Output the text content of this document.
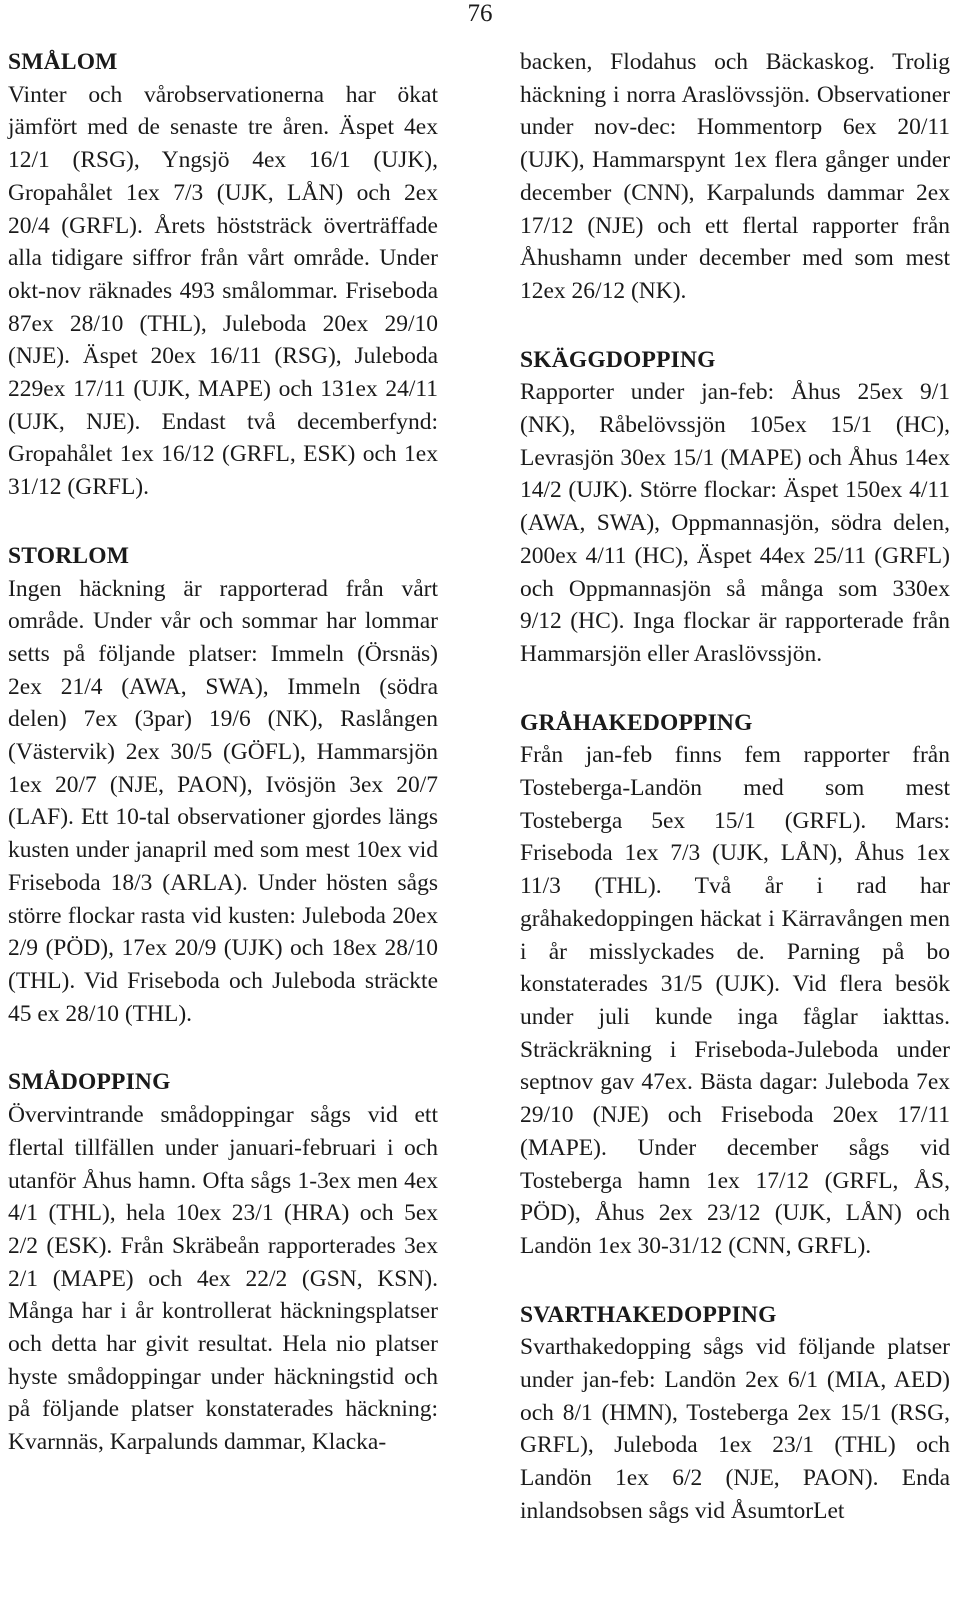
76
SMÅLOM

Vinter och vårobservationerna har ökat jämfört med de senaste tre åren. Äspet 4ex 12/1 (RSG), Yngsjö 4ex 16/1 (UJK), Gropahålet 1ex 7/3 (UJK, LÅN) och 2ex 20/4 (GRFL). Årets höststräck överträffade alla tidigare siffror från vårt område. Under okt-nov räknades 493 smålommar. Friseboda 87ex 28/10 (THL), Juleboda 20ex 29/10 (NJE). Äspet 20ex 16/11 (RSG), Juleboda 229ex 17/11 (UJK, MAPE) och 131ex 24/11 (UJK, NJE). Endast två decemberfynd: Gropahålet 1ex 16/12 (GRFL, ESK) och 1ex 31/12 (GRFL).

STORLOM

Ingen häckning är rapporterad från vårt område. Under vår och sommar har lommar setts på följande platser: Immeln (Örsnäs) 2ex 21/4 (AWA, SWA), Immeln (södra delen) 7ex (3par) 19/6 (NK), Raslången (Västervik) 2ex 30/5 (GÖFL), Hammarsjön 1ex 20/7 (NJE, PAON), Ivösjön 3ex 20/7 (LAF). Ett 10-tal observationer gjordes längs kusten under janapril med som mest 10ex vid Friseboda 18/3 (ARLA). Under hösten sågs större flockar rasta vid kusten: Juleboda 20ex 2/9 (PÖD), 17ex 20/9 (UJK) och 18ex 28/10 (THL). Vid Friseboda och Juleboda sträckte 45 ex 28/10 (THL).

SMÅDOPPING

Övervintrande smådoppingar sågs vid ett flertal tillfällen under januari-februari i och utanför Åhus hamn. Ofta sågs 1-3ex men 4ex 4/1 (THL), hela 10ex 23/1 (HRA) och 5ex 2/2 (ESK). Från Skräbeån rapporterades 3ex 2/1 (MAPE) och 4ex 22/2 (GSN, KSN). Många har i år kontrollerat häckningsplatser och detta har givit resultat. Hela nio platser hyste smådoppingar under häckningstid och på följande platser konstaterades häckning: Kvarnnäs, Karpalunds dammar, Klacka-

backen, Flodahus och Bäckaskog. Trolig häckning i norra Araslövssjön. Observationer under nov-dec: Hommentorp 6ex 20/11 (UJK), Hammarspynt 1ex flera gånger under december (CNN), Karpalunds dammar 2ex 17/12 (NJE) och ett flertal rapporter från Åhushamn under december med som mest 12ex 26/12 (NK).

SKÄGGDOPPING

Rapporter under jan-feb: Åhus 25ex 9/1 (NK), Råbelövssjön 105ex 15/1 (HC), Levrasjön 30ex 15/1 (MAPE) och Åhus 14ex 14/2 (UJK). Större flockar: Äspet 150ex 4/11 (AWA, SWA), Oppmannasjön, södra delen, 200ex 4/11 (HC), Äspet 44ex 25/11 (GRFL) och Oppmannasjön så många som 330ex 9/12 (HC). Inga flockar är rapporterade från Hammarsjön eller Araslövssjön.

GRÅHAKEDOPPING

Från jan-feb finns fem rapporter från Tosteberga-Landön med som mest Tosteberga 5ex 15/1 (GRFL). Mars: Friseboda 1ex 7/3 (UJK, LÅN), Åhus 1ex 11/3 (THL). Två år i rad har gråhakedoppingen häckat i Kärravången men i år misslyckades de. Parning på bo konstaterades 31/5 (UJK). Vid flera besök under juli kunde inga fåglar iakttas. Sträckräkning i Friseboda-Juleboda under septnov gav 47ex. Bästa dagar: Juleboda 7ex 29/10 (NJE) och Friseboda 20ex 17/11 (MAPE). Under december sågs vid Tosteberga hamn 1ex 17/12 (GRFL, ÅS, PÖD), Åhus 2ex 23/12 (UJK, LÅN) och Landön 1ex 30-31/12 (CNN, GRFL).

SVARTHAKEDOPPING

Svarthakedopping sågs vid följande platser under jan-feb: Landön 2ex 6/1 (MIA, AED) och 8/1 (HMN), Tosteberga 2ex 15/1 (RSG, GRFL), Juleboda 1ex 23/1 (THL) och Landön 1ex 6/2 (NJE, PAON). Enda inlandsobsen sågs vid ÅsumtorLet
